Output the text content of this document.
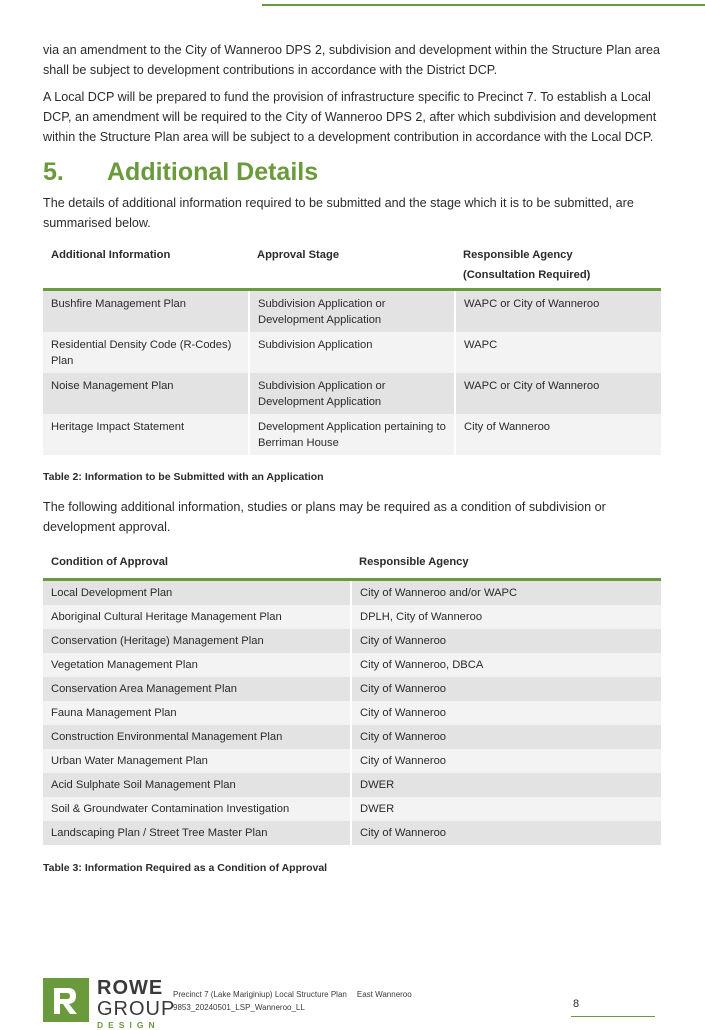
via an amendment to the City of Wanneroo DPS 2, subdivision and development within the Structure Plan area shall be subject to development contributions in accordance with the District DCP.

A Local DCP will be prepared to fund the provision of infrastructure specific to Precinct 7. To establish a Local DCP, an amendment will be required to the City of Wanneroo DPS 2, after which subdivision and development within the Structure Plan area will be subject to a development contribution in accordance with the Local DCP.

5.	Additional Details

The details of additional information required to be submitted and the stage which it is to be submitted, are summarised below.

Additional Information	Approval Stage	Responsible Agency
(Consultation Required)
Bushfire Management Plan	Subdivision Application or Development Application	WAPC or City of Wanneroo
Residential Density Code (R-Codes) Plan	Subdivision Application	WAPC
Noise Management Plan	Subdivision Application or Development Application	WAPC or City of Wanneroo
Heritage Impact Statement	Development Application pertaining to Berriman House	City of Wanneroo
Table 2: Information to be Submitted with an Application

The following additional information, studies or plans may be required as a condition of subdivision or development approval.

Condition of Approval	Responsible Agency
Local Development Plan	City of Wanneroo and/or WAPC
Aboriginal Cultural Heritage Management Plan	DPLH, City of Wanneroo
Conservation (Heritage) Management Plan	City of Wanneroo
Vegetation Management Plan	City of Wanneroo, DBCA
Conservation Area Management Plan	City of Wanneroo
Fauna Management Plan	City of Wanneroo
Construction Environmental Management Plan	City of Wanneroo
Urban Water Management Plan	City of Wanneroo
Acid Sulphate Soil Management Plan	DWER
Soil & Groundwater Contamination Investigation	DWER
Landscaping Plan / Street Tree Master Plan	City of Wanneroo
Table 3: Information Required as a Condition of Approval
ROWE
GROUP
DESIGN
Precinct 7 (Lake Mariginiup) Local Structure Plan East Wanneroo
9853_20240501_LSP_Wanneroo_LL	8
